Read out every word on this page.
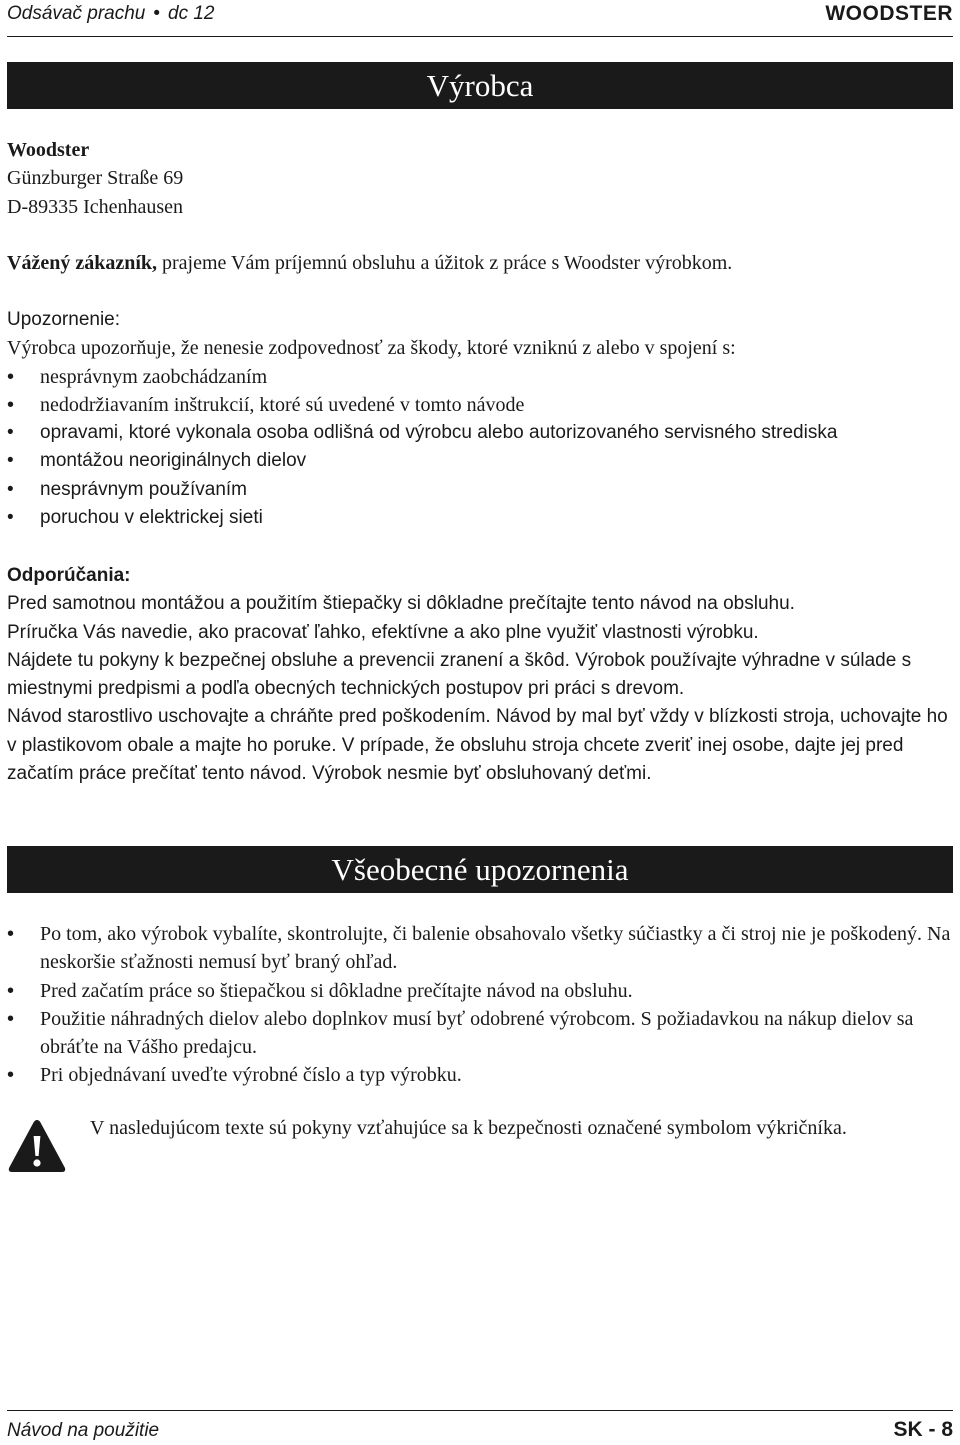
Odsávač prachu • dc 12	WOODSTER
Výrobca
Woodster
Günzburger Straße 69
D-89335 Ichenhausen
Vážený zákazník, prajeme Vám príjemnú obsluhu a úžitok z práce s Woodster výrobkom.
Upozornenie:
Výrobca upozorňuje, že nenesie zodpovednosť za škody, ktoré vzniknú z alebo v spojení s:
• nesprávnym zaobchádzaním
• nedodržiavaním inštrukcií, ktoré sú uvedené v tomto návode
• opravami, ktoré vykonala osoba odlišná od výrobcu alebo autorizovaného servisného strediska
• montážou neoriginálnych dielov
• nesprávnym používaním
• poruchou v elektrickej sieti
Odporúčania:
Pred samotnou montážou a použitím štiepačky si dôkladne prečítajte tento návod na obsluhu.
Príručka Vás navedie, ako pracovať ľahko, efektívne a ako plne využiť vlastnosti výrobku.
Nájdete tu pokyny k bezpečnej obsluhe a prevencii zranení a škôd. Výrobok používajte výhradne v súlade s miestnymi predpismi a podľa obecných technických postupov pri práci s drevom.
Návod starostlivo uschovajte a chráňte pred poškodením. Návod by mal byť vždy v blízkosti stroja, uchovajte ho v plastikovom obale a majte ho poruke. V prípade, že obsluhu stroja chcete zveriť inej osobe, dajte jej pred začatím práce prečítať tento návod. Výrobok nesmie byť obsluhovaný deťmi.
Všeobecné upozornenia
• Po tom, ako výrobok vybalíte, skontrolujte, či balenie obsahovalo všetky súčiastky a či stroj nie je poškodený. Na neskoršie sťažnosti nemusí byť braný ohľad.
• Pred začatím práce so štiepačkou si dôkladne prečítajte návod na obsluhu.
• Použitie náhradných dielov alebo doplnkov musí byť odobrené výrobcom. S požiadavkou na nákup dielov sa obráťte na Vášho predajcu.
• Pri objednávaní uveďte výrobné číslo a typ výrobku.
V nasledujúcom texte sú pokyny vzťahujúce sa k bezpečnosti označené symbolom výkričníka.
Návod na použitie	SK - 8
